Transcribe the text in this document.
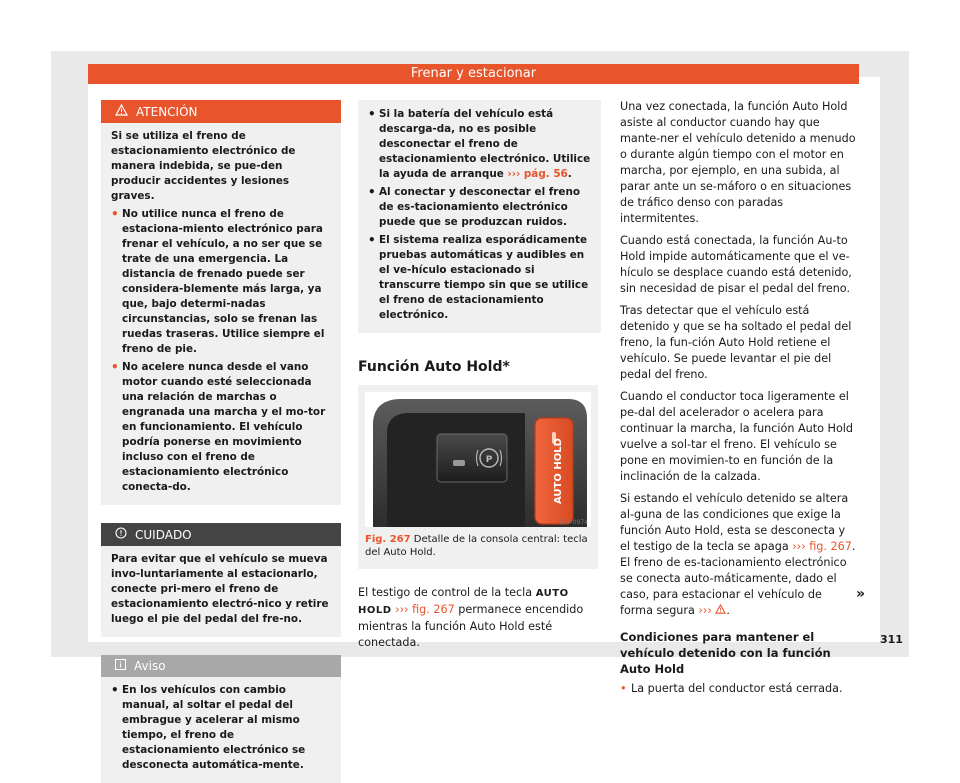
Frenar y estacionar
ATENCIÓN

Si se utiliza el freno de estacionamiento electrónico de manera indebida, se pue-den producir accidentes y lesiones graves.

• No utilice nunca el freno de estaciona-miento electrónico para frenar el vehículo, a no ser que se trate de una emergencia. La distancia de frenado puede ser considera-blemente más larga, ya que, bajo determi-nadas circunstancias, solo se frenan las ruedas traseras. Utilice siempre el freno de pie.
• No acelere nunca desde el vano motor cuando esté seleccionada una relación de marchas o engranada una marcha y el mo-tor en funcionamiento. El vehículo podría ponerse en movimiento incluso con el freno de estacionamiento electrónico conecta-do.
CUIDADO

Para evitar que el vehículo se mueva invo-luntariamente al estacionarlo, conecte pri-mero el freno de estacionamiento electró-nico y retire luego el pie del pedal del fre-no.

Aviso
• En los vehículos con cambio manual, al soltar el pedal del embrague y acelerar al mismo tiempo, el freno de estacionamiento electrónico se desconecta automática-mente.
• Si la batería del vehículo está descarga-da, no es posible desconectar el freno de estacionamiento electrónico. Utilice la ayuda de arranque ››› pág. 56.
• Al conectar y desconectar el freno de es-tacionamiento electrónico puede que se produzcan ruidos.
• El sistema realiza esporádicamente pruebas automáticas y audibles en el ve-hículo estacionado si transcurre tiempo sin que se utilice el freno de estacionamiento electrónico.
Función Auto Hold*
P	AUTO HOLD
B7V-0974
Fig. 267 Detalle de la consola central: tecla del Auto Hold.

El testigo de control de la tecla AUTO HOLD ››› fig. 267 permanece encendido mientras la función Auto Hold esté conectada.

Una vez conectada, la función Auto Hold asiste al conductor cuando hay que mante-ner el vehículo detenido a menudo o durante algún tiempo con el motor en marcha, por ejemplo, en una subida, al parar ante un se-máforo o en situaciones de tráfico denso con paradas intermitentes.

Cuando está conectada, la función Au-to Hold impide automáticamente que el ve-hículo se desplace cuando está detenido, sin necesidad de pisar el pedal del freno.

Tras detectar que el vehículo está detenido y que se ha soltado el pedal del freno, la fun-ción Auto Hold retiene el vehículo. Se puede levantar el pie del pedal del freno.

Cuando el conductor toca ligeramente el pe-dal del acelerador o acelera para continuar la marcha, la función Auto Hold vuelve a sol-tar el freno. El vehículo se pone en movimien-to en función de la inclinación de la calzada.

Si estando el vehículo detenido se altera al-guna de las condiciones que exige la función Auto Hold, esta se desconecta y el testigo de la tecla se apaga ››› fig. 267. El freno de es-tacionamiento electrónico se conecta auto-máticamente, dado el caso, para estacionar el vehículo de forma segura ››› .

Condiciones para mantener el vehículo detenido con la función Auto Hold
• La puerta del conductor está cerrada.
»
311
